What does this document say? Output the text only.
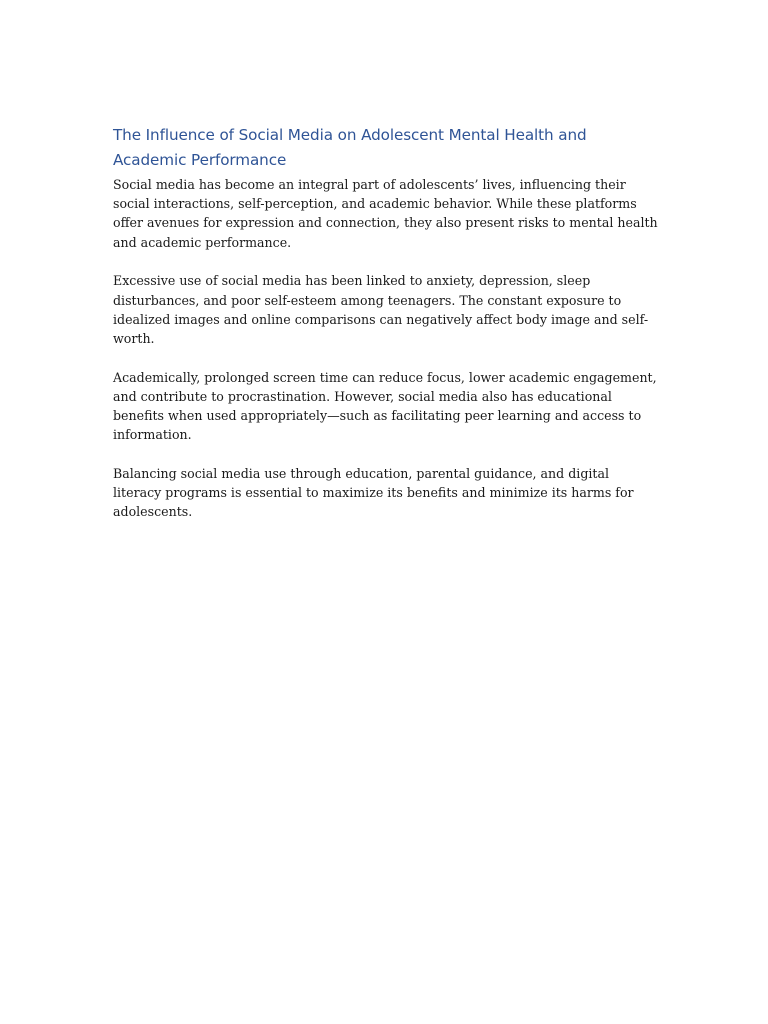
The Influence of Social Media on Adolescent Mental Health and Academic Performance

Social media has become an integral part of adolescents’ lives, influencing their social interactions, self-perception, and academic behavior. While these platforms offer avenues for expression and connection, they also present risks to mental health and academic performance.

Excessive use of social media has been linked to anxiety, depression, sleep disturbances, and poor self-esteem among teenagers. The constant exposure to idealized images and online comparisons can negatively affect body image and self-worth.

Academically, prolonged screen time can reduce focus, lower academic engagement, and contribute to procrastination. However, social media also has educational benefits when used appropriately—such as facilitating peer learning and access to information.

Balancing social media use through education, parental guidance, and digital literacy programs is essential to maximize its benefits and minimize its harms for adolescents.
